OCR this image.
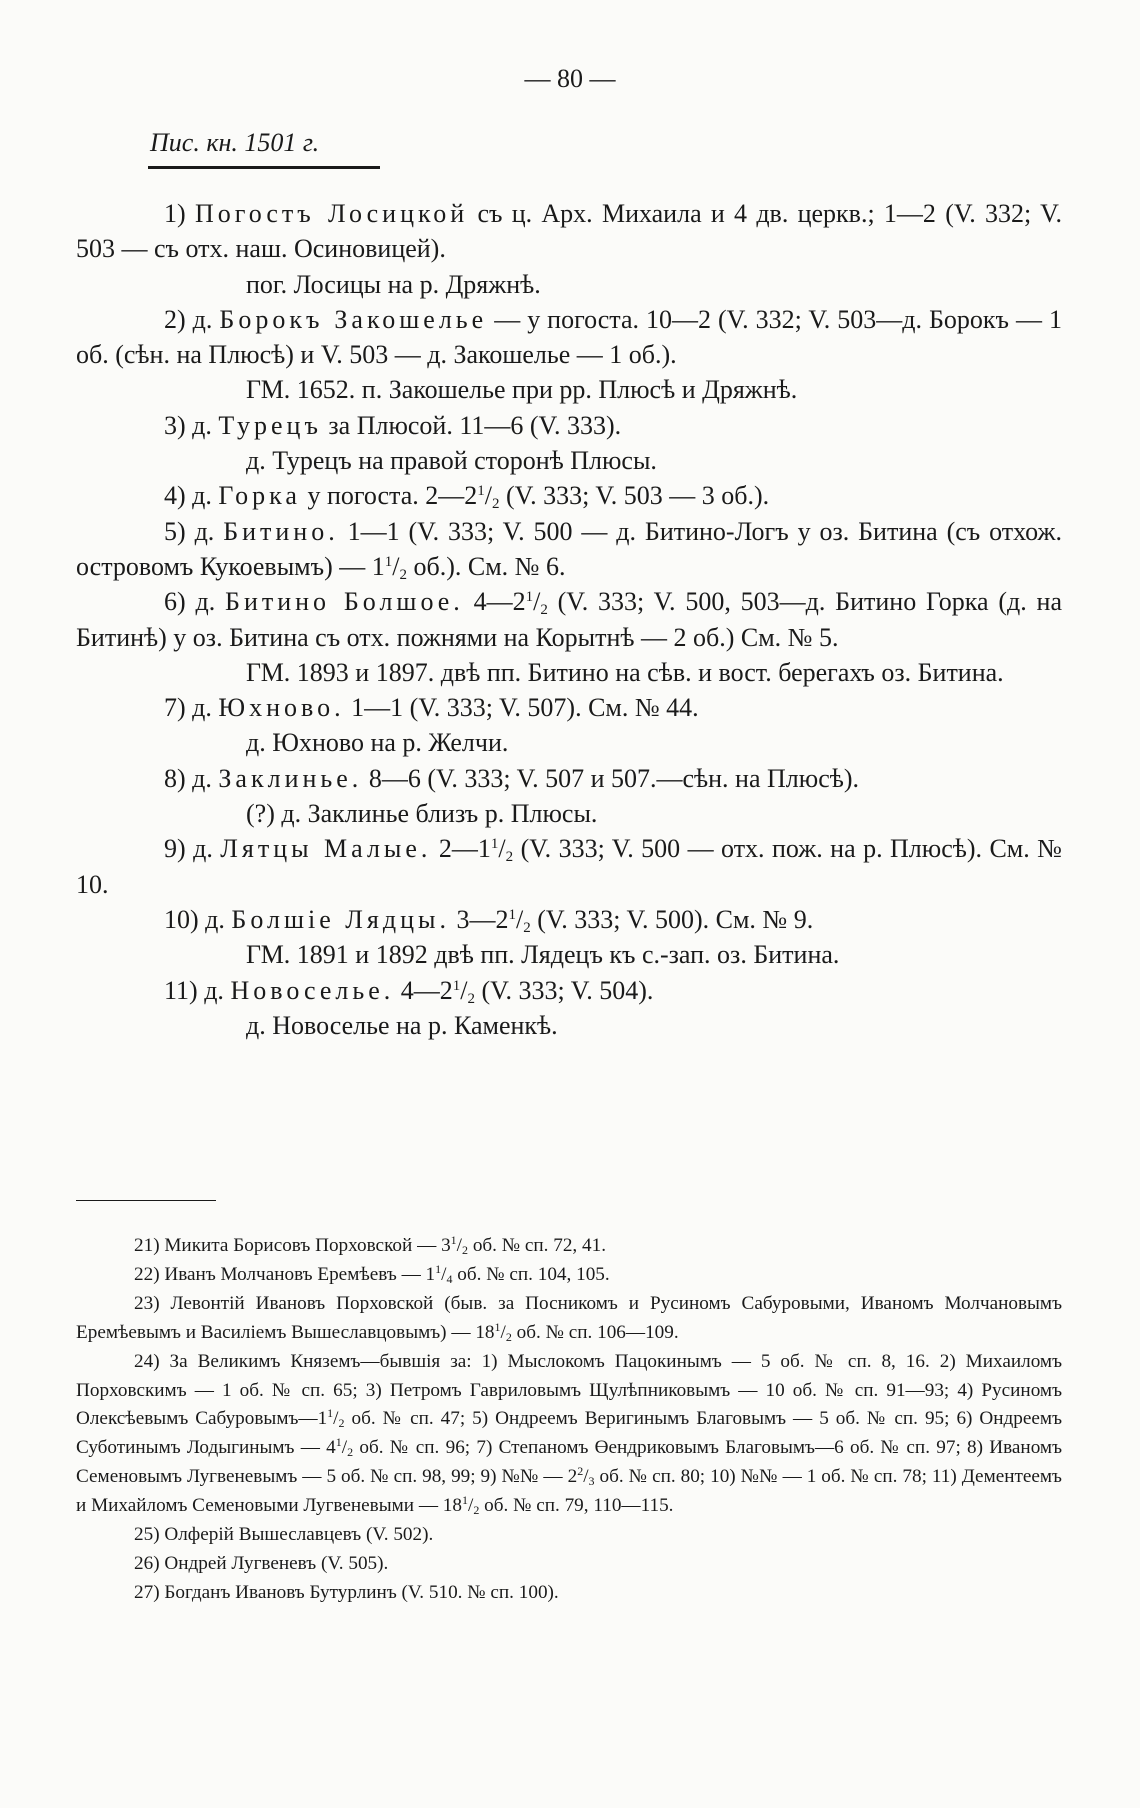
— 80 —
Пис. кн. 1501 г.

1) Погостъ Лосицкой съ ц. Арх. Михаила и 4 дв. церкв.; 1—2 (V. 332; V. 503 — съ отх. наш. Осиновицей).

пог. Лосицы на р. Дряжнѣ.

2) д. Борокъ Закошелье — у погоста. 10—2 (V. 332; V. 503—д. Борокъ — 1 об. (сѣн. на Плюсѣ) и V. 503 — д. Закошелье — 1 об.).

ГМ. 1652. п. Закошелье при рр. Плюсѣ и Дряжнѣ.

3) д. Турецъ за Плюсой. 11—6 (V. 333).

д. Турецъ на правой сторонѣ Плюсы.

4) д. Горка у погоста. $2—2^1/_2$ (V. 333; V. 503 — 3 об.).

5) д. Битино. 1—1 (V. 333; V. 500 — д. Битино-Логъ у оз. Битина (съ отхож. островомъ Кукоевымъ) — $1^1/_2$ об.). См. № 6.

6) д. Битино Болшое. $4—2^1/_2$ (V. 333; V. 500, 503—д. Битино Горка (д. на Битинѣ) у оз. Битина съ отх. пожнями на Корытнѣ — 2 об.) См. № 5.

ГМ. 1893 и 1897. двѣ пп. Битино на сѣв. и вост. берегахъ оз. Битина.

7) д. Юхново. 1—1 (V. 333; V. 507). См. № 44.

д. Юхново на р. Желчи.

8) д. Заклинье. 8—6 (V. 333; V. 507 и 507.—сѣн. на Плюсѣ).

(?) д. Заклинье близъ р. Плюсы.

9) д. Лятцы Малые. $2—1^1/_2$ (V. 333; V. 500 — отх. пож. на р. Плюсѣ). См. № 10.

10) д. Болшіе Лядцы. $3—2^1/_2$ (V. 333; V. 500). См. № 9.

ГМ. 1891 и 1892 двѣ пп. Лядецъ къ с.-зап. оз. Битина.

11) д. Новоселье. $4—2^1/_2$ (V. 333; V. 504).

д. Новоселье на р. Каменкѣ.

21) Микита Борисовъ Порховской — $3^1/_2$ об. № сп. 72, 41.

22) Иванъ Молчановъ Еремѣевъ — $1^1/_4$ об. № сп. 104, 105.

23) Левонтій Ивановъ Порховской (быв. за Посникомъ и Русиномъ Сабуровыми, Иваномъ Молчановымъ Еремѣевымъ и Василіемъ Вышеславцовымъ) — $18^1/_2$ об. № сп. 106—109.

24) За Великимъ Княземъ—бывшія за: 1) Мыслокомъ Пацокинымъ — 5 об. № сп. 8, 16. 2) Михаиломъ Порховскимъ — 1 об. № сп. 65; 3) Петромъ Гавриловымъ Щулѣпниковымъ — 10 об. № сп. 91—93; 4) Русиномъ Олексѣевымъ $Сабуровымъ—1^1/_2$ об. № сп. 47; 5) Ондреемъ Веригинымъ Благовымъ — 5 об. № сп. 95; 6) Ондреемъ Суботинымъ Лодыгинымъ — $4^1/_2$ об. № сп. 96; 7) Степаномъ Өендриковымъ Благовымъ—6 об. № сп. 97; 8) Иваномъ Семеновымъ Лугвеневымъ — 5 об. № сп. 98, 99; 9) №№ — $2^2/_3$ об. № сп. 80; 10) №№ — 1 об. № сп. 78; 11) Дементеемъ и Михайломъ Семеновыми Лугвеневыми — $18^1/_2$ об. № сп. 79, 110—115.

25) Олферій Вышеславцевъ (V. 502).

26) Ондрей Лугвеневъ (V. 505).

27) Богданъ Ивановъ Бутурлинъ (V. 510. № сп. 100).
